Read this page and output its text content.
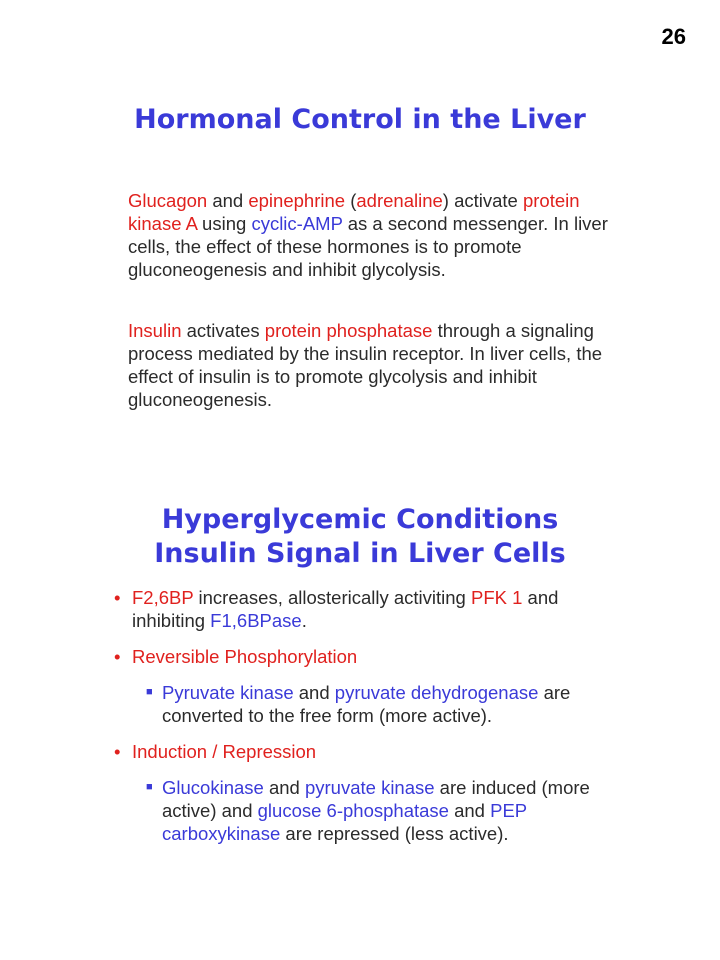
26
Hormonal Control in the Liver

Glucagon and epinephrine (adrenaline) activate protein kinase A using cyclic-AMP as a second messenger. In liver cells, the effect of these hormones is to promote gluconeogenesis and inhibit glycolysis.

Insulin activates protein phosphatase through a signaling process mediated by the insulin receptor. In liver cells, the effect of insulin is to promote glycolysis and inhibit gluconeogenesis.

Hyperglycemic Conditions
Insulin Signal in Liver Cells

• F2,6BP increases, allosterically activiting PFK 1 and inhibiting F1,6BPase.

• Reversible Phosphorylation

■ Pyruvate kinase and pyruvate dehydrogenase are converted to the free form (more active).

• Induction / Repression

■ Glucokinase and pyruvate kinase are induced (more active) and glucose 6-phosphatase and PEP carboxykinase are repressed (less active).
